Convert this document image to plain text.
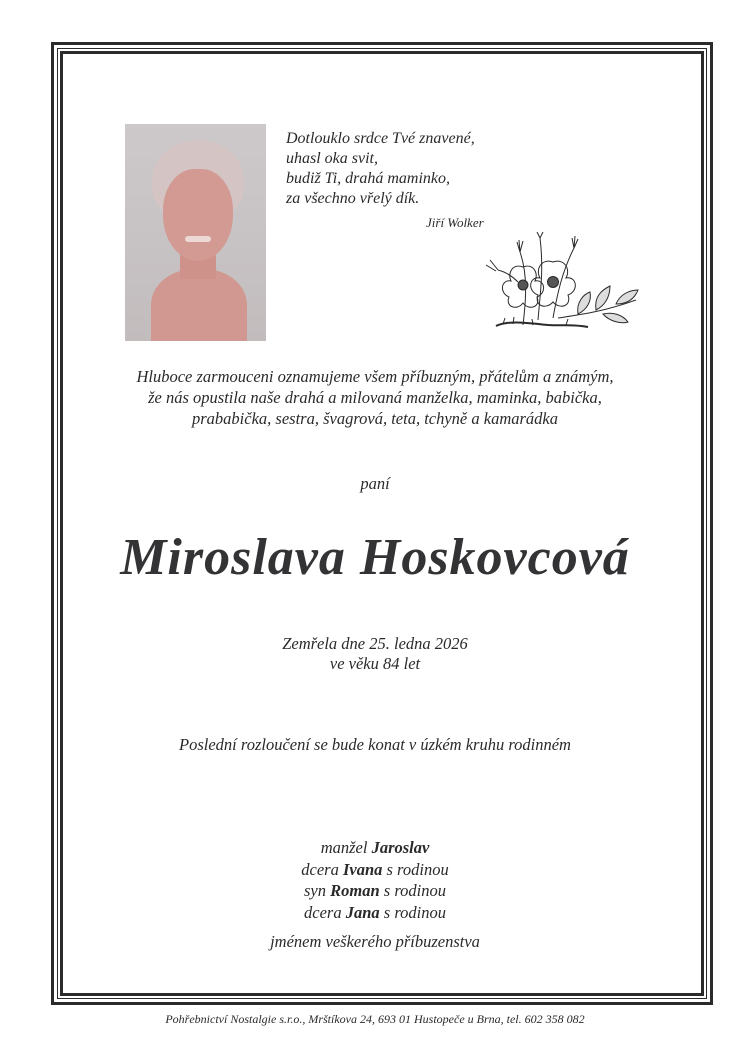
Dotlouklo srdce Tvé znavené,
uhasl oka svit,
budiž Ti, drahá maminko,
za všechno vřelý dík.
Jiří Wolker
Hluboce zarmouceni oznamujeme všem příbuzným, přátelům a známým,
že nás opustila naše drahá a milovaná manželka, maminka, babička,
prababička, sestra, švagrová, teta, tchyně a kamarádka
paní
Miroslava Hoskovcová
Zemřela dne 25. ledna 2026
ve věku 84 let
Poslední rozloučení se bude konat v úzkém kruhu rodinném
manžel Jaroslav
dcera Ivana s rodinou
syn Roman s rodinou
dcera Jana s rodinou
jménem veškerého příbuzenstva
Pohřebnictví Nostalgie s.r.o., Mrštíkova 24, 693 01 Hustopeče u Brna, tel. 602 358 082
